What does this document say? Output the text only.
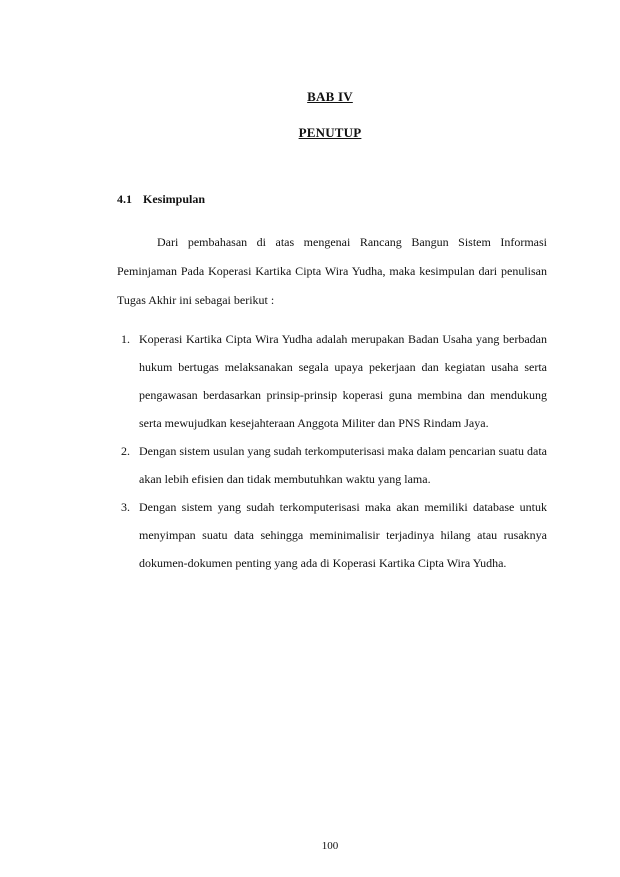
BAB IV
PENUTUP
4.1 Kesimpulan

Dari pembahasan di atas mengenai Rancang Bangun Sistem Informasi Peminjaman Pada Koperasi Kartika Cipta Wira Yudha, maka kesimpulan dari penulisan Tugas Akhir ini sebagai berikut :

1. Koperasi Kartika Cipta Wira Yudha adalah merupakan Badan Usaha yang berbadan hukum bertugas melaksanakan segala upaya pekerjaan dan kegiatan usaha serta pengawasan berdasarkan prinsip-prinsip koperasi guna membina dan mendukung serta mewujudkan kesejahteraan Anggota Militer dan PNS Rindam Jaya.
2. Dengan sistem usulan yang sudah terkomputerisasi maka dalam pencarian suatu data akan lebih efisien dan tidak membutuhkan waktu yang lama.
3. Dengan sistem yang sudah terkomputerisasi maka akan memiliki database untuk menyimpan suatu data sehingga meminimalisir terjadinya hilang atau rusaknya dokumen-dokumen penting yang ada di Koperasi Kartika Cipta Wira Yudha.
100
